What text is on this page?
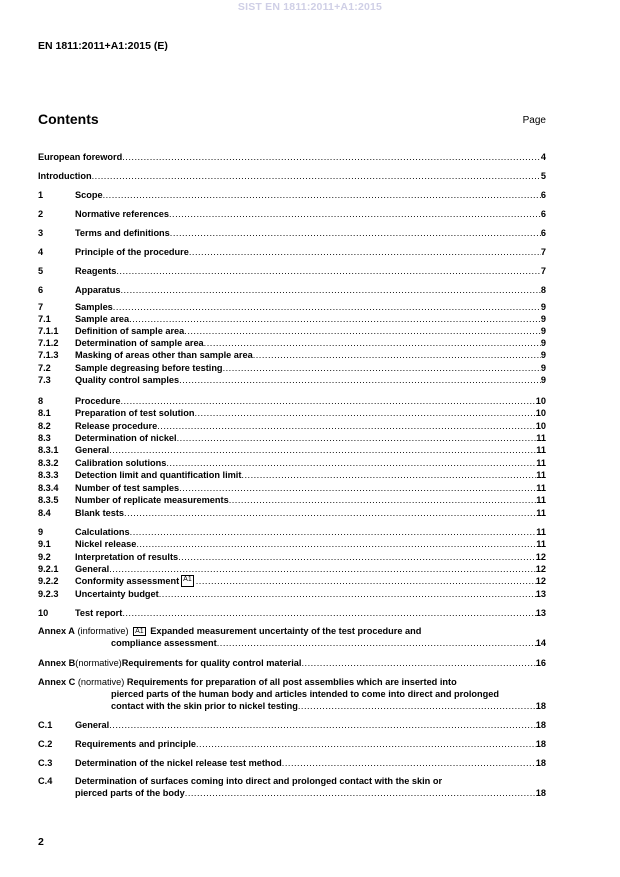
SIST EN 1811:2011+A1:2015
EN 1811:2011+A1:2015 (E)
Contents	Page
European foreword .....	4
Introduction .....	5
1	Scope .....	6
2	Normative references .....	6
3	Terms and definitions .....	6
4	Principle of the procedure .....	7
5	Reagents .....	7
6	Apparatus .....	8
7	Samples .....	9
7.1	Sample area .....	9
7.1.1 Definition of sample area .....	9
7.1.2 Determination of sample area .....	9
7.1.3 Masking of areas other than sample area .....	9
7.2	Sample degreasing before testing .....	9
7.3	Quality control samples .....	9
8	Procedure .....	10
8.1	Preparation of test solution .....	10
8.2	Release procedure .....	10
8.3	Determination of nickel .....	11
8.3.1 General .....	11
8.3.2 Calibration solutions .....	11
8.3.3 Detection limit and quantification limit .....	11
8.3.4 Number of test samples .....	11
8.3.5 Number of replicate measurements .....	11
8.4	Blank tests .....	11
9	Calculations .....	11
9.1	Nickel release .....	11
9.2	Interpretation of results .....	12
9.2.1 General .....	12
9.2.2 Conformity assessment A1 .....	12
9.2.3 Uncertainty budget .....	13
10	Test report .....	13
Annex A (informative) A1 Expanded measurement uncertainty of the test procedure and
compliance assessment .....	14
Annex B (normative) Requirements for quality control material .....	16
Annex C (normative) Requirements for preparation of all post assemblies which are inserted into
pierced parts of the human body and articles intended to come into direct and prolonged
contact with the skin prior to nickel testing .....	18
C.1 General .....	18
C.2 Requirements and principle .....	18
C.3 Determination of the nickel release test method .....	18
C.4 Determination of surfaces coming into direct and prolonged contact with the skin or
pierced parts of the body .....	18
2
